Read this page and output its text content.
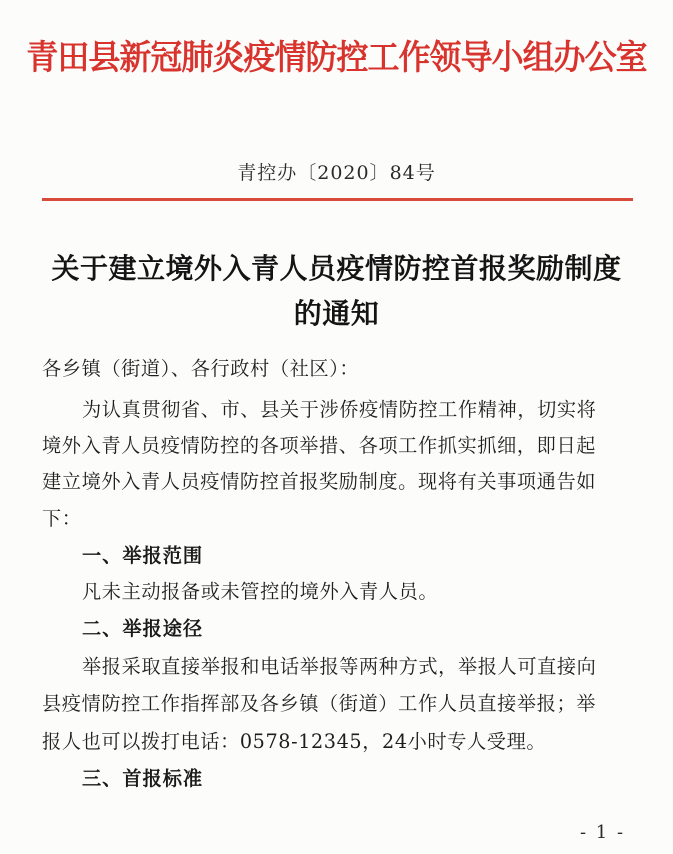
青田县新冠肺炎疫情防控工作领导小组办公室
青控办〔2020〕84号
关于建立境外入青人员疫情防控首报奖励制度
的通知
各乡镇（街道）、各行政村（社区）：
为认真贯彻省、市、县关于涉侨疫情防控工作精神，切实将
境外入青人员疫情防控的各项举措、各项工作抓实抓细，即日起
建立境外入青人员疫情防控首报奖励制度。现将有关事项通告如
下：
一、举报范围
凡未主动报备或未管控的境外入青人员。
二、举报途径
举报采取直接举报和电话举报等两种方式，举报人可直接向
县疫情防控工作指挥部及各乡镇（街道）工作人员直接举报；举
报人也可以拨打电话：0578-12345，24小时专人受理。
三、首报标准
- 1 -
